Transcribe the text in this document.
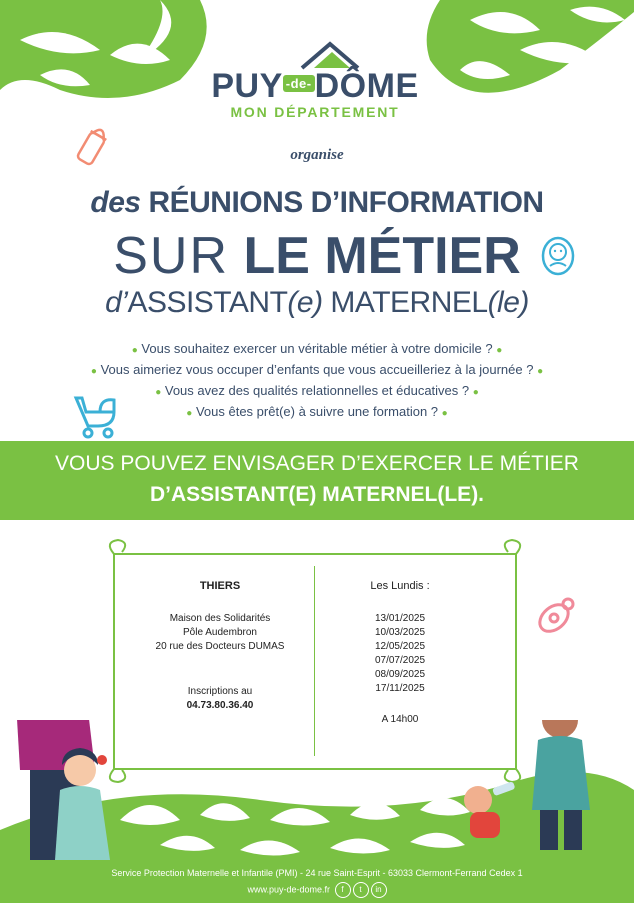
PUY -de-DÔME
MON DÉPARTEMENT
organise
des RÉUNIONS D’INFORMATION
SUR LE MÉTIER
d’ASSISTANT(e) MATERNEL(le)
● Vous souhaitez exercer un véritable métier à votre domicile ? ●
● Vous aimeriez vous occuper d’enfants que vous accueilleriez à la journée ? ●
● Vous avez des qualités relationnelles et éducatives ? ●
● Vous êtes prêt(e) à suivre une formation ? ●
VOUS POUVEZ ENVISAGER D’EXERCER LE MÉTIER
D’ASSISTANT(E) MATERNEL(LE).
THIERS
Maison des Solidarités
Pôle Audembron
20 rue des Docteurs DUMAS
Inscriptions au
04.73.80.36.40
Les Lundis :
13/01/2025
10/03/2025
12/05/2025
07/07/2025
08/09/2025
17/11/2025
A 14h00
Service Protection Maternelle et Infantile (PMI) - 24 rue Saint-Esprit - 63033 Clermont-Ferrand Cedex 1
www.puy-de-dome.fr f t in
